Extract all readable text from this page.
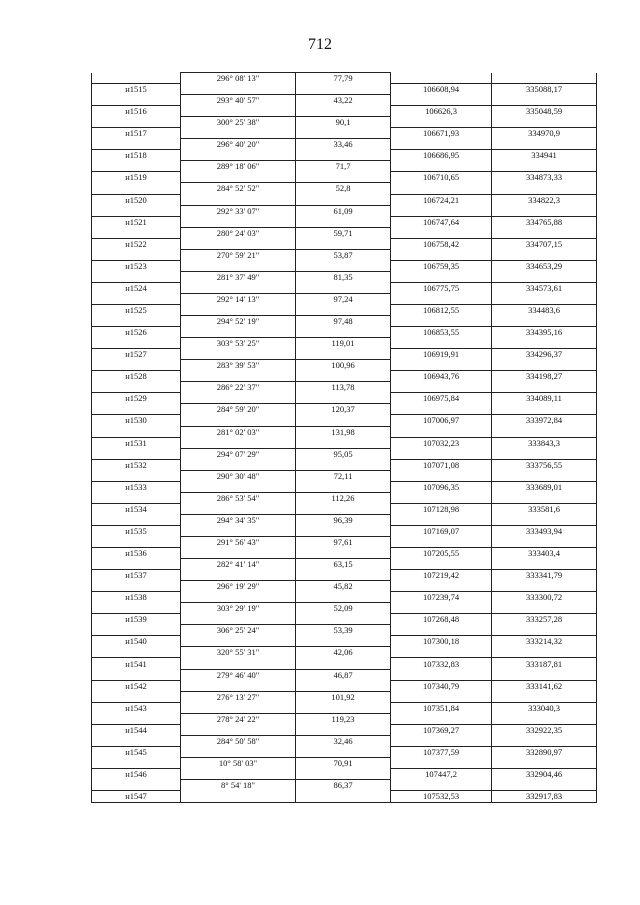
712
	296° 08' 13"	77,79		
н1515			106608,94	335088,17
	293° 40' 57"	43,22		
н1516			106626,3	335048,59
	300° 25' 38"	90,1		
н1517			106671,93	334970,9
	296° 40' 20"	33,46		
н1518			106686,95	334941
	289° 18' 06"	71,7		
н1519			106710,65	334873,33
	284° 52' 52"	52,8		
н1520			106724,21	334822,3
	292° 33' 07"	61,09		
н1521			106747,64	334765,88
	280° 24' 03"	59,71		
н1522			106758,42	334707,15
	270° 59' 21"	53,87		
н1523			106759,35	334653,29
	281° 37' 49"	81,35		
н1524			106775,75	334573,61
	292° 14' 13"	97,24		
н1525			106812,55	334483,6
	294° 52' 19"	97,48		
н1526			106853,55	334395,16
	303° 53' 25"	119,01		
н1527			106919,91	334296,37
	283° 39' 53"	100,96		
н1528			106943,76	334198,27
	286° 22' 37"	113,78		
н1529			106975,84	334089,11
	284° 59' 20"	120,37		
н1530			107006,97	333972,84
	281° 02' 03"	131,98		
н1531			107032,23	333843,3
	294° 07' 29"	95,05		
н1532			107071,08	333756,55
	290° 30' 48"	72,11		
н1533			107096,35	333689,01
	286° 53' 54"	112,26		
н1534			107128,98	333581,6
	294° 34' 35"	96,39		
н1535			107169,07	333493,94
	291° 56' 43"	97,61		
н1536			107205,55	333403,4
	282° 41' 14"	63,15		
н1537			107219,42	333341,79
	296° 19' 29"	45,82		
н1538			107239,74	333300,72
	303° 29' 19"	52,09		
н1539			107268,48	333257,28
	306° 25' 24"	53,39		
н1540			107300,18	333214,32
	320° 55' 31"	42,06		
н1541			107332,83	333187,81
	279° 46' 40"	46,87		
н1542			107340,79	333141,62
	276° 13' 27"	101,92		
н1543			107351,84	333040,3
	278° 24' 22"	119,23		
н1544			107369,27	332922,35
	284° 50' 58"	32,46		
н1545			107377,59	332890,97
	10° 58' 03"	70,91		
н1546			107447,2	332904,46
	8° 54' 18"	86,37		
н1547			107532,53	332917,83
